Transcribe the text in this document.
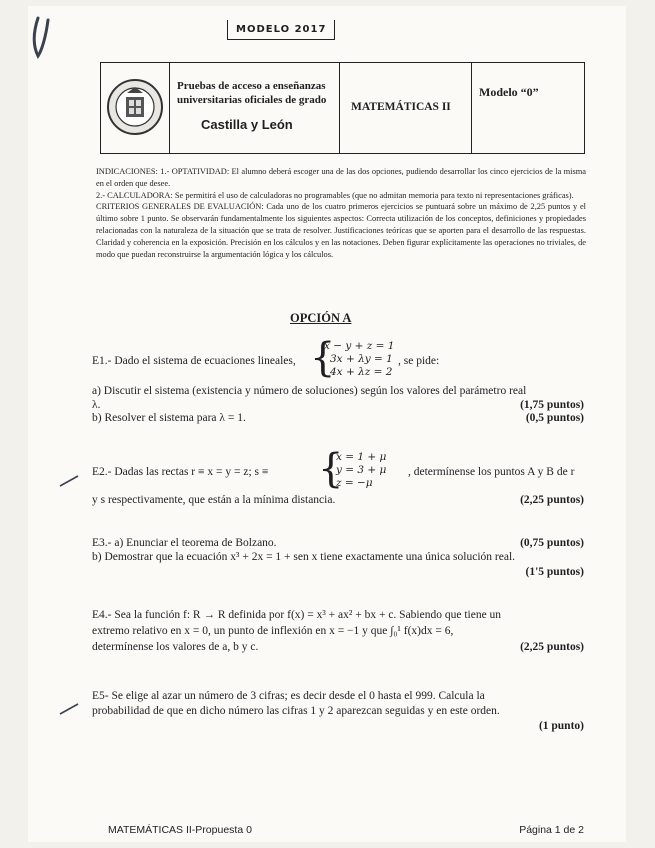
MODELO 2017
Pruebas de acceso a enseñanzas universitarias oficiales de grado
Castilla y León
MATEMÁTICAS II
Modelo “0”

INDICACIONES: 1.- OPTATIVIDAD: El alumno deberá escoger una de las dos opciones, pudiendo desarrollar los cinco ejercicios de la misma en el orden que desee.

2.- CALCULADORA: Se permitirá el uso de calculadoras no programables (que no admitan memoria para texto ni representaciones gráficas).

CRITERIOS GENERALES DE EVALUACIÓN: Cada uno de los cuatro primeros ejercicios se puntuará sobre un máximo de 2,25 puntos y el último sobre 1 punto. Se observarán fundamentalmente los siguientes aspectos: Correcta utilización de los conceptos, definiciones y propiedades relacionadas con la naturaleza de la situación que se trata de resolver. Justificaciones teóricas que se aporten para el desarrollo de las respuestas. Claridad y coherencia en la exposición. Precisión en los cálculos y en las notaciones. Deben figurar explícitamente las operaciones no triviales, de modo que puedan reconstruirse la argumentación lógica y los cálculos.

OPCIÓN A
E1.- Dado el sistema de ecuaciones lineales, {
x − y + z = 1
3x + λy = 1
4x + λz = 2
, se pide:
a) Discutir el sistema (existencia y número de soluciones) según los valores del parámetro real λ.	(1,75 puntos)
b) Resolver el sistema para λ = 1.	(0,5 puntos)
E2.- Dadas las rectas r ≡ x = y = z; s ≡ {
x = 1 + μ
y = 3 + μ
z = −μ
, determínense los puntos A y B de r
y s respectivamente, que están a la mínima distancia.	(2,25 puntos)
E3.- a) Enunciar el teorema de Bolzano.	(0,75 puntos)
b) Demostrar que la ecuación x³ + 2x = 1 + sen x tiene exactamente una única solución real.
(1'5 puntos)
E4.- Sea la función f: R → R definida por f(x) = x³ + ax² + bx + c. Sabiendo que tiene un
extremo relativo en x = 0, un punto de inflexión en x = −1 y que ∫₀¹ f(x)dx = 6,
determínense los valores de a, b y c.	(2,25 puntos)
E5- Se elige al azar un número de 3 cifras; es decir desde el 0 hasta el 999. Calcula la
probabilidad de que en dicho número las cifras 1 y 2 aparezcan seguidas y en este orden.
(1 punto)
MATEMÁTICAS II-Propuesta 0	Página 1 de 2
